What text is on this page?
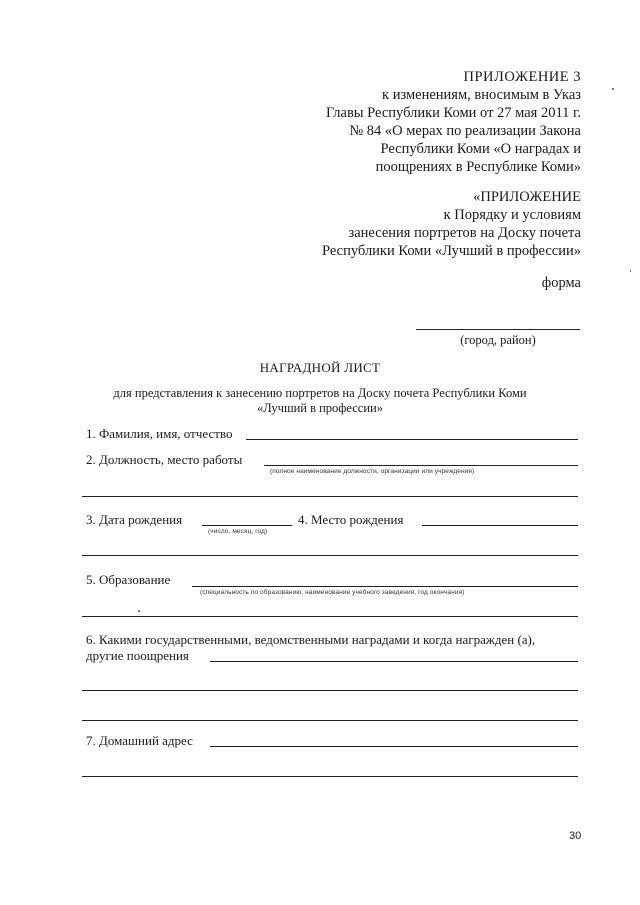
ПРИЛОЖЕНИЕ 3
к изменениям, вносимым в Указ
Главы Республики Коми от 27 мая 2011 г.
№ 84 «О мерах по реализации Закона
Республики Коми «О наградах и
поощрениях в Республике Коми»
«ПРИЛОЖЕНИЕ
к Порядку и условиям
занесения портретов на Доску почета
Республики Коми «Лучший в профессии»
форма
(город, район)
НАГРАДНОЙ ЛИСТ
для представления к занесению портретов на Доску почета Республики Коми
«Лучший в профессии»
1. Фамилия, имя, отчество
2. Должность, место работы
(полное наименование должности, организации или учреждения)
3. Дата рождения
(число, месяц, год)
4. Место рождения
5. Образование
(специальность по образованию, наименование учебного заведения, год окончания)
6. Какими государственными, ведомственными наградами и когда награжден (а),
другие поощрения
7. Домашний адрес
30
